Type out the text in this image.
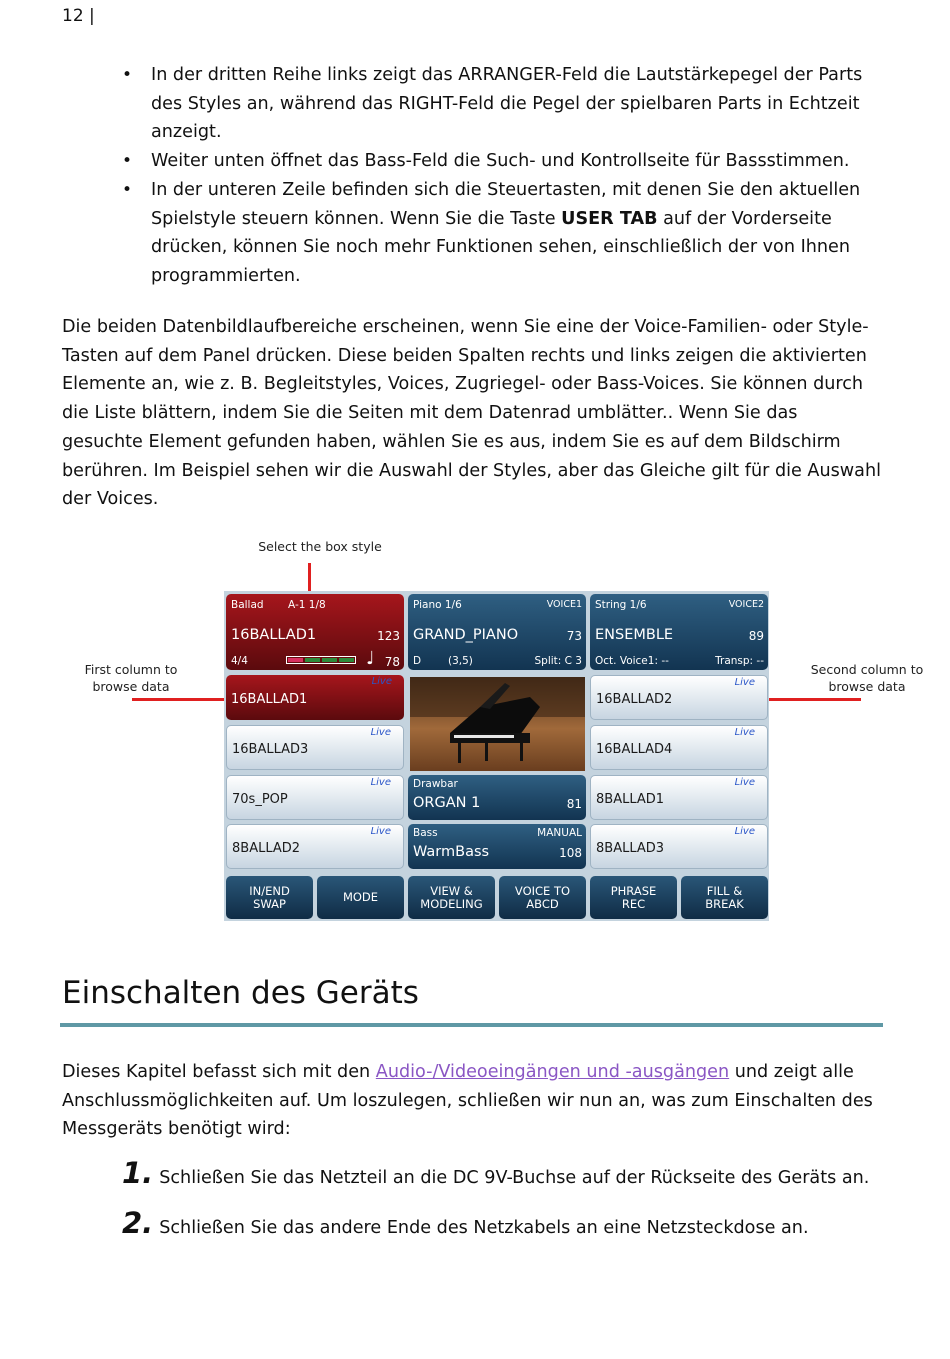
12 |
• In der dritten Reihe links zeigt das ARRANGER-Feld die Lautstärkepegel der Parts des Styles an, während das RIGHT-Feld die Pegel der spielbaren Parts in Echtzeit anzeigt.
• Weiter unten öffnet das Bass-Feld die Such- und Kontrollseite für Bassstimmen.
• In der unteren Zeile befinden sich die Steuertasten, mit denen Sie den aktuellen Spielstyle steuern können. Wenn Sie die Taste USER TAB auf der Vorderseite drücken, können Sie noch mehr Funktionen sehen, einschließlich der von Ihnen programmierten.

Die beiden Datenbildlaufbereiche erscheinen, wenn Sie eine der Voice-Familien- oder Style-Tasten auf dem Panel drücken. Diese beiden Spalten rechts und links zeigen die aktivierten Elemente an, wie z. B. Begleitstyles, Voices, Zugriegel- oder Bass-Voices. Sie können durch die Liste blättern, indem Sie die Seiten mit dem Datenrad umblätter.. Wenn Sie das gesuchte Element gefunden haben, wählen Sie es aus, indem Sie es auf dem Bildschirm berühren. Im Beispiel sehen wir die Auswahl der Styles, aber das Gleiche gilt für die Auswahl der Voices.

Select the box style
First column to browse data
Second column to browse data
Ballad A-1 1/8
16BALLAD1	123
4/4	♩ 78
Piano 1/6	VOICE1
GRAND_PIANO	73
D	(3,5)	Split: C 3
String 1/6	VOICE2
ENSEMBLE	89
Oct. Voice1: --	Transp: --
Live
16BALLAD1
Live
16BALLAD3
Live
70s_POP
Live
8BALLAD2
Drawbar
ORGAN 1	81
Bass	MANUAL
WarmBass	108
Live
16BALLAD2
Live
16BALLAD4
Live
8BALLAD1
Live
8BALLAD3
IN/END
SWAP	MODE	VIEW &
MODELING
VOICE TO
ABCD
PHRASE
REC
FILL &
BREAK
Einschalten des Geräts

Dieses Kapitel befasst sich mit den Audio-/Videoeingängen und -ausgängen und zeigt alle Anschlussmöglichkeiten auf. Um loszulegen, schließen wir nun an, was zum Einschalten des Messgeräts benötigt wird:

1. Schließen Sie das Netzteil an die DC 9V-Buchse auf der Rückseite des Geräts an.
2. Schließen Sie das andere Ende des Netzkabels an eine Netzsteckdose an.
